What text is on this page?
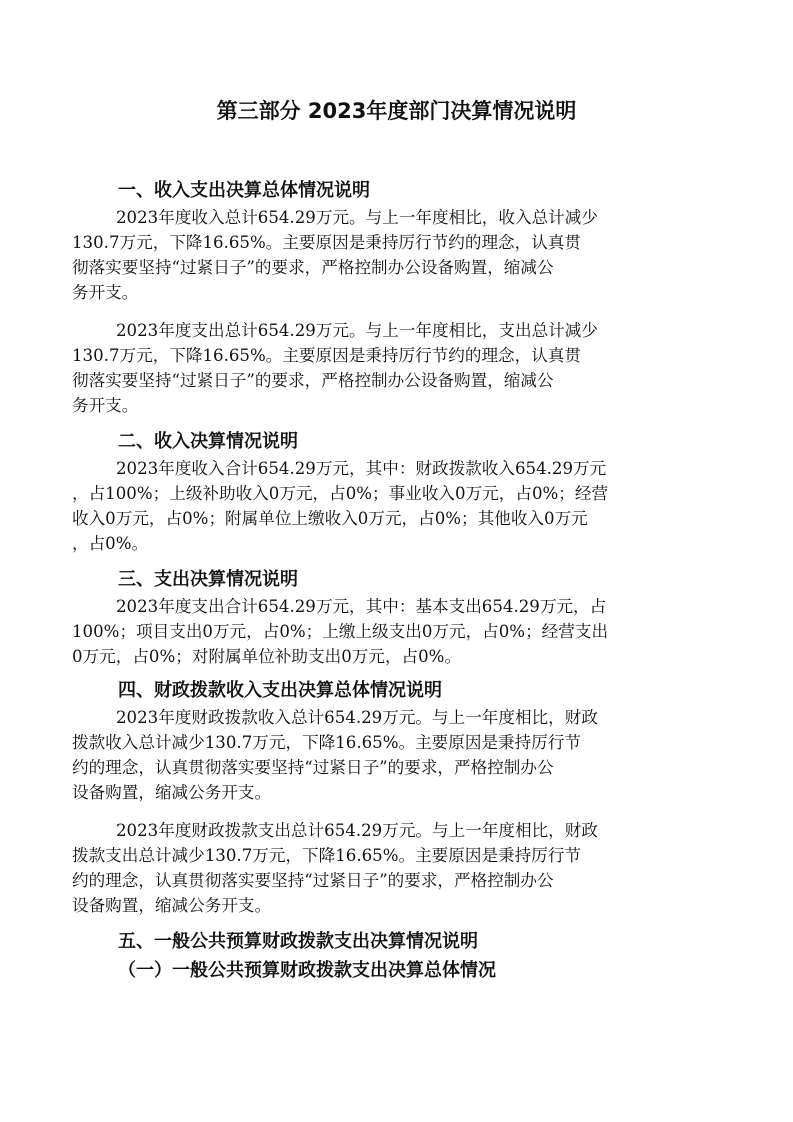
第三部分 2023年度部门决算情况说明
一、收入支出决算总体情况说明
2023年度收入总计654.29万元。与上一年度相比，收入总计减少
130.7万元，下降16.65%。主要原因是秉持厉行节约的理念，认真贯
彻落实要坚持“过紧日子”的要求，严格控制办公设备购置，缩减公
务开支。
2023年度支出总计654.29万元。与上一年度相比，支出总计减少
130.7万元，下降16.65%。主要原因是秉持厉行节约的理念，认真贯
彻落实要坚持“过紧日子”的要求，严格控制办公设备购置，缩减公
务开支。
二、收入决算情况说明
2023年度收入合计654.29万元，其中：财政拨款收入654.29万元
，占100%；上级补助收入0万元，占0%；事业收入0万元，占0%；经营
收入0万元，占0%；附属单位上缴收入0万元，占0%；其他收入0万元
，占0%。
三、支出决算情况说明
2023年度支出合计654.29万元，其中：基本支出654.29万元，占
100%；项目支出0万元，占0%；上缴上级支出0万元，占0%；经营支出
0万元，占0%；对附属单位补助支出0万元，占0%。
四、财政拨款收入支出决算总体情况说明
2023年度财政拨款收入总计654.29万元。与上一年度相比，财政
拨款收入总计减少130.7万元，下降16.65%。主要原因是秉持厉行节
约的理念，认真贯彻落实要坚持“过紧日子”的要求，严格控制办公
设备购置，缩减公务开支。
2023年度财政拨款支出总计654.29万元。与上一年度相比，财政
拨款支出总计减少130.7万元，下降16.65%。主要原因是秉持厉行节
约的理念，认真贯彻落实要坚持“过紧日子”的要求，严格控制办公
设备购置，缩减公务开支。
五、一般公共预算财政拨款支出决算情况说明
（一）一般公共预算财政拨款支出决算总体情况
